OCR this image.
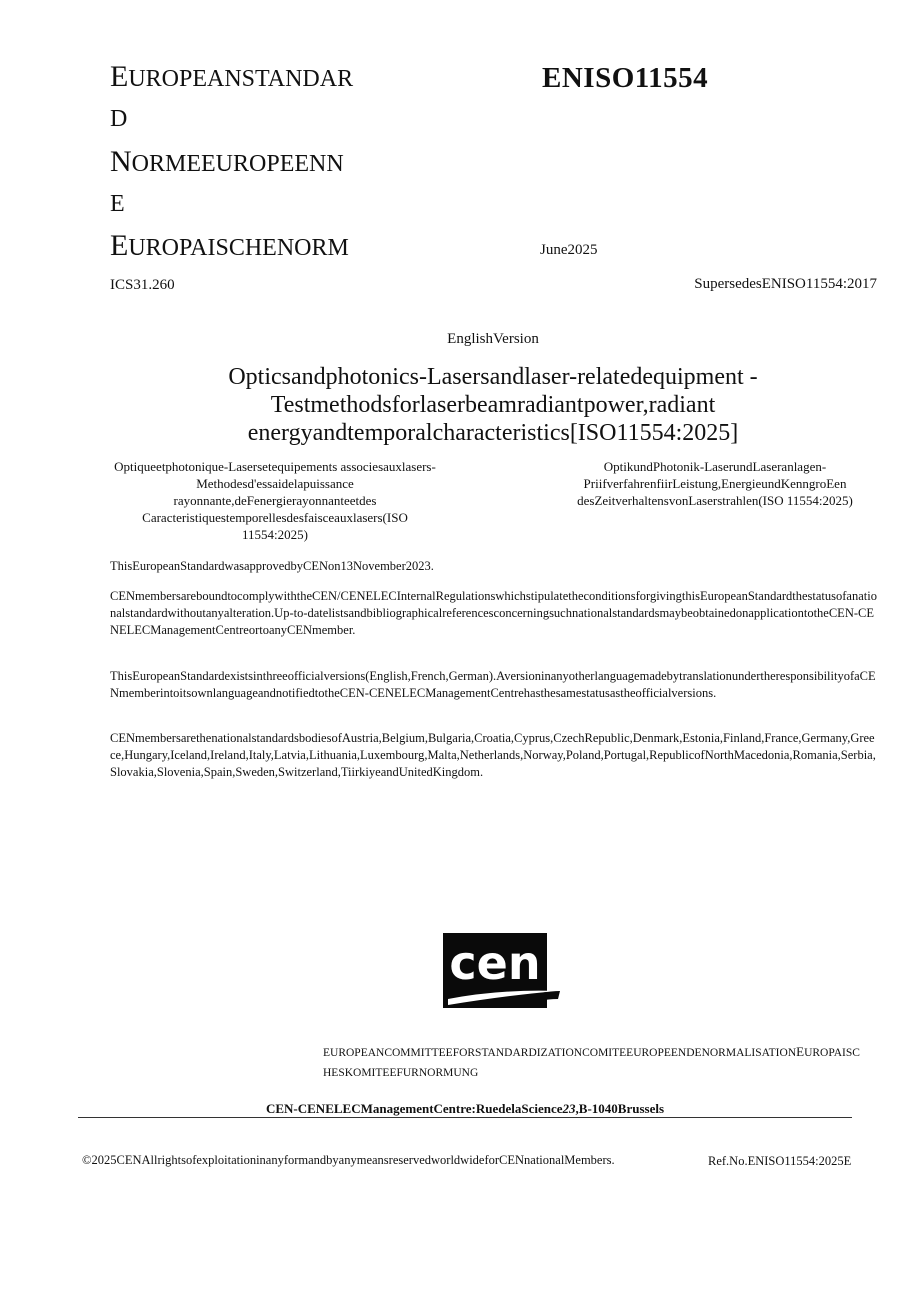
EUROPEANSTANDAR
D
NORMEEUROPEENN
E
EUROPAISCHENORM
ENISO11554
June2025
ICS31.260	SupersedesENISO11554:2017
EnglishVersion
Opticsandphotonics-Lasersandlaser-relatedequipment -Testmethodsforlaserbeamradiantpower,radiant energyandtemporalcharacteristics[ISO11554:2025]
Optiqueetphotonique-Lasersetequipements associesauxlasers-Methodesd'essaidelapuissance rayonnante,deFenergierayonnanteetdes Caracteristiquestemporellesdesfaisceauxlasers(ISO 11554:2025)
OptikundPhotonik-LaserundLaseranlagen- PriifverfahrenfiirLeistung,EnergieundKenngroEen desZeitverhaltensvonLaserstrahlen(ISO 11554:2025)
ThisEuropeanStandardwasapprovedbyCENon13November2023.
CENmembersareboundtocomplywiththeCEN/CENELECInternalRegulationswhichstipulatetheconditionsforgivingthisEuropeanStandardthestatusofanationalstandardwithoutanyalteration.Up-to-datelistsandbibliographicalreferencesconcerningsuchnationalstandardsmaybeobtainedonapplicationtotheCEN-CENELECManagementCentreortoanyCENmember.
ThisEuropeanStandardexistsinthreeofficialversions(English,French,German).AversioninanyotherlanguagemadebytranslationundertheresponsibilityofaCENmemberintoitsownlanguageandnotifiedtotheCEN-CENELECManagementCentrehasthesamestatusastheofficialversions.
CENmembersarethenationalstandardsbodiesofAustria,Belgium,Bulgaria,Croatia,Cyprus,CzechRepublic,Denmark,Estonia,Finland,France,Germany,Greece,Hungary,Iceland,Ireland,Italy,Latvia,Lithuania,Luxembourg,Malta,Netherlands,Norway,Poland,Portugal,RepublicofNorthMacedonia,Romania,Serbia,Slovakia,Slovenia,Spain,Sweden,Switzerland,TiirkiyeandUnitedKingdom.
cen
EUROPEANCOMMITTEEFORSTANDARDIZATIONCOMITEEUROPEENDENORMALISATIONEUROPAISCHESKOMITEEFURNORMUNG
CEN-CENELECManagementCentre:RuedelaScience23,B-1040Brussels
©2025CENAllrightsofexploitationinanyformandbyanymeansreservedworldwideforCENnationalMembers.	Ref.No.ENISO11554:2025E
